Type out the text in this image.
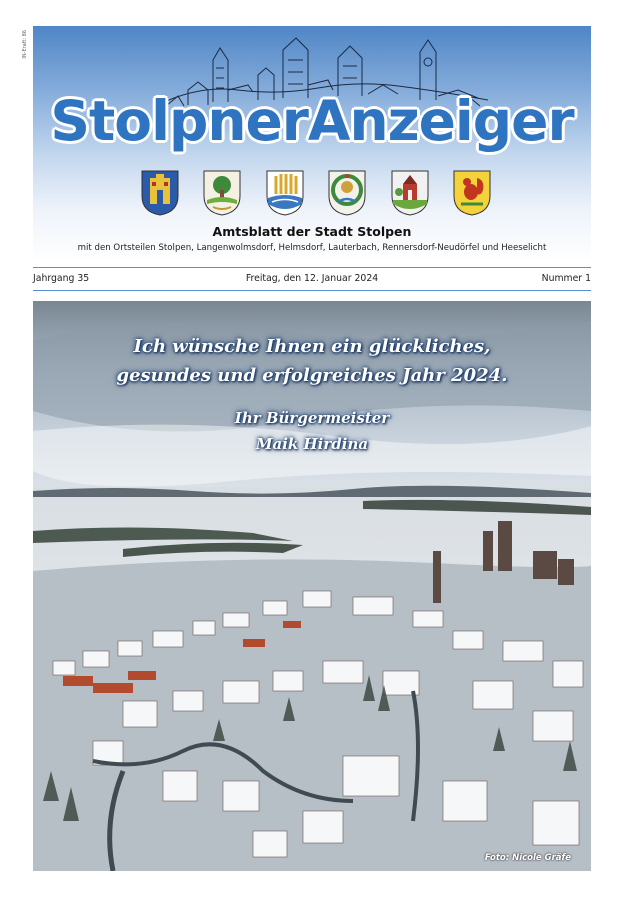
IN-Eraft: 86
StolpnerAnzeiger
Amtsblatt der Stadt Stolpen
mit den Ortsteilen Stolpen, Langenwolmsdorf, Helmsdorf, Lauterbach, Rennersdorf-Neudörfel und Heeselicht
Jahrgang 35	Freitag, den 12. Januar 2024	Nummer 1
Ich wünsche Ihnen ein glückliches,
gesundes und erfolgreiches Jahr 2024.
Ihr Bürgermeister
Maik Hirdina
Foto: Nicole Gräfe
